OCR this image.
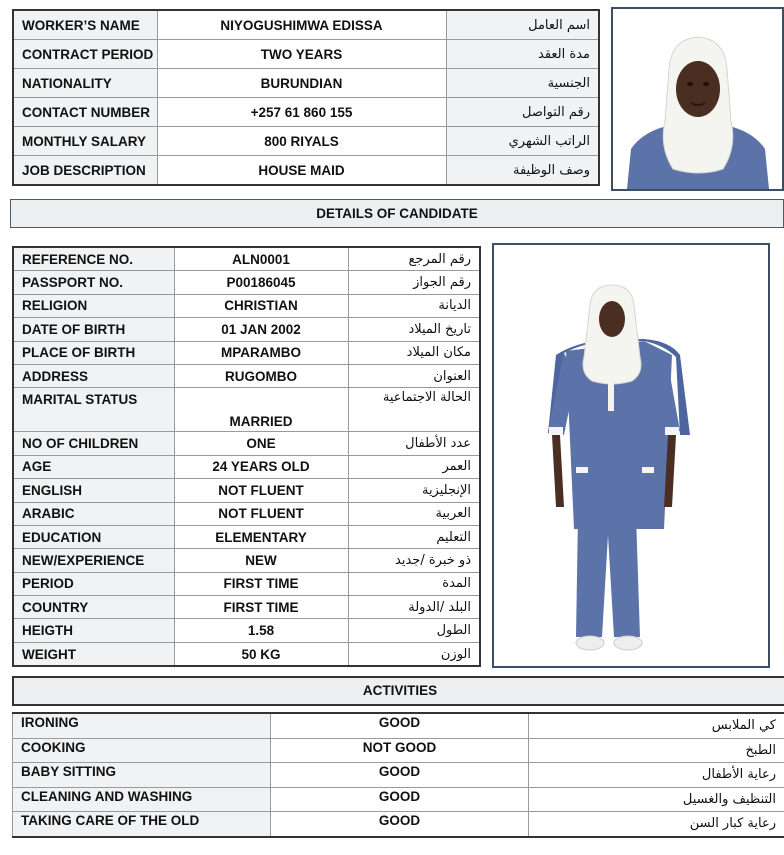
WORKER’S NAME	NIYOGUSHIMWA EDISSA	اسم العامل
CONTRACT PERIOD	TWO YEARS	مدة العقد
NATIONALITY	BURUNDIAN	الجنسية
CONTACT NUMBER	+257 61 860 155	رقم التواصل
MONTHLY SALARY	800 RIYALS	الراتب الشهري
JOB DESCRIPTION	HOUSE MAID	وصف الوظيفة
DETAILS OF CANDIDATE
REFERENCE NO.	ALN0001	رقم المرجع
PASSPORT NO.	P00186045	رقم الجواز
RELIGION	CHRISTIAN	الديانة
DATE OF BIRTH	01 JAN 2002	تاريخ الميلاد
PLACE OF BIRTH	MPARAMBO	مكان الميلاد
ADDRESS	RUGOMBO	العنوان
MARITAL STATUS	MARRIED	الحالة الاجتماعية
NO OF CHILDREN	ONE	عدد الأطفال
AGE	24 YEARS OLD	العمر
ENGLISH	NOT FLUENT	الإنجليزية
ARABIC	NOT FLUENT	العربية
EDUCATION	ELEMENTARY	التعليم
NEW/EXPERIENCE	NEW	ذو خبرة /جديد
PERIOD	FIRST TIME	المدة
COUNTRY	FIRST TIME	البلد /الدولة
HEIGTH	1.58	الطول
WEIGHT	50 KG	الوزن
ACTIVITIES
IRONING	GOOD	كي الملابس
COOKING	NOT GOOD	الطبخ
BABY SITTING	GOOD	رعاية الأطفال
CLEANING AND WASHING	GOOD	التنظيف والغسيل
TAKING CARE OF THE OLD	GOOD	رعاية كبار السن
